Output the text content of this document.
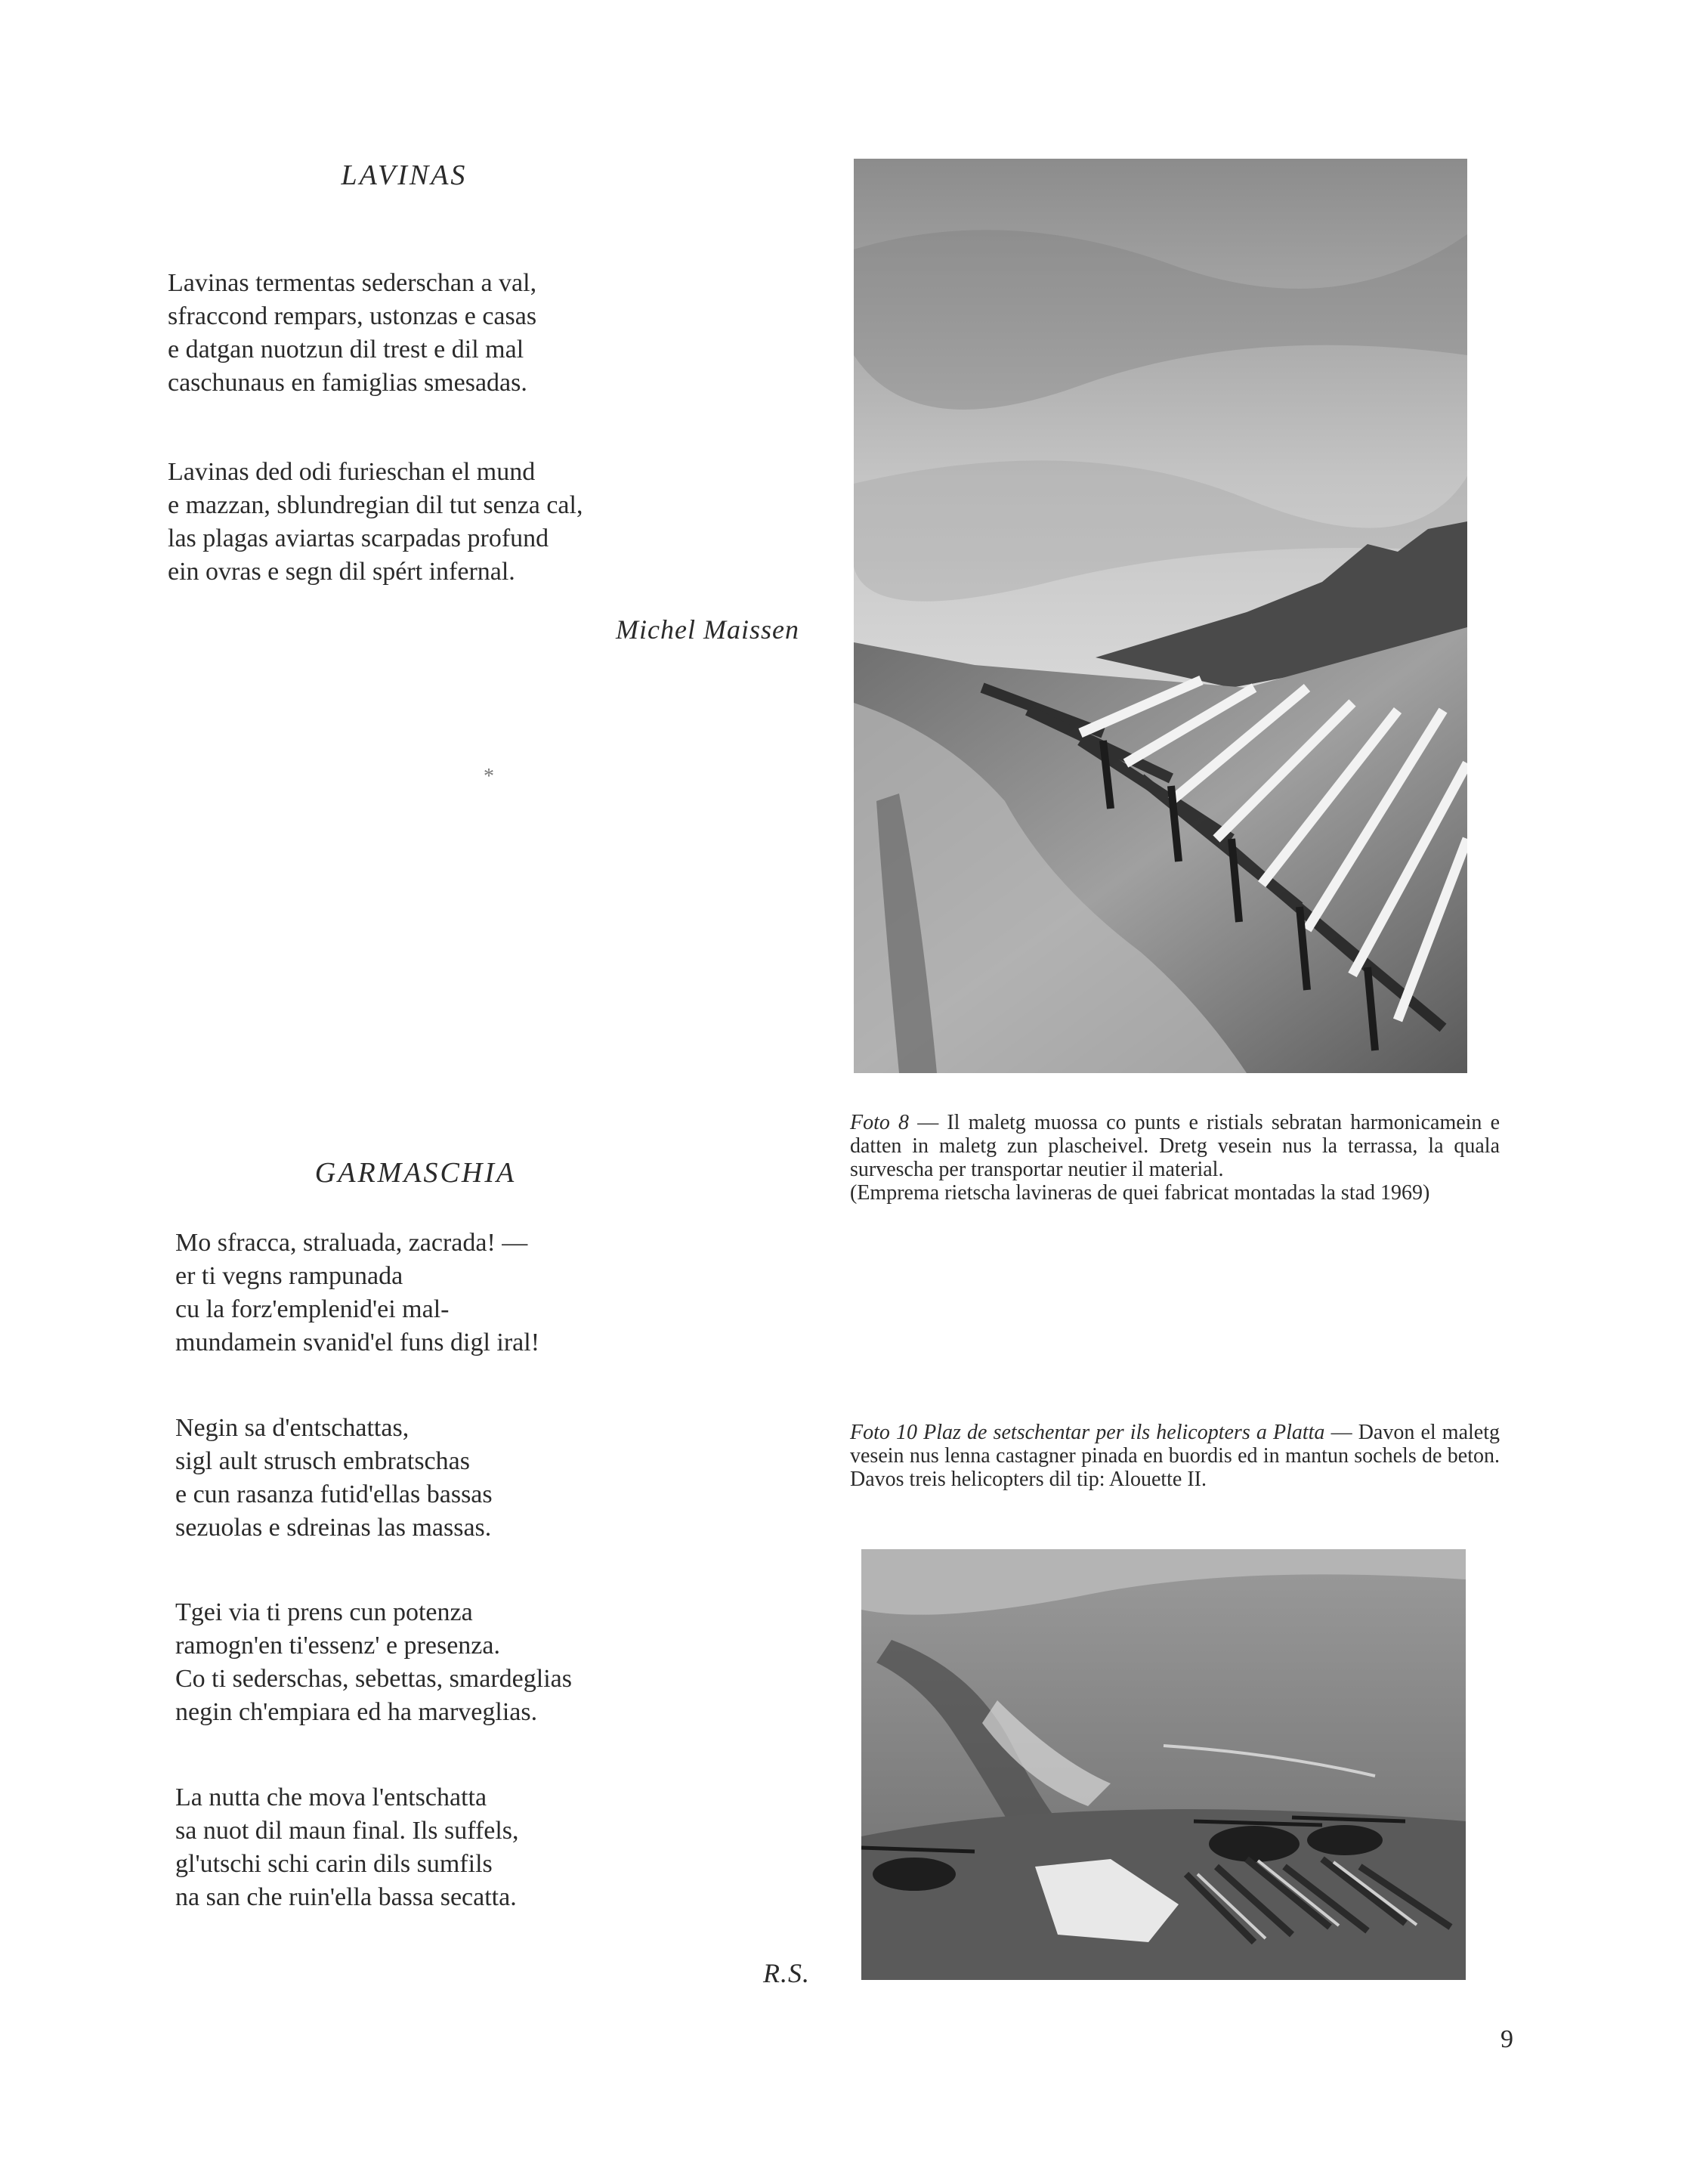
LAVINAS
Lavinas termentas sederschan a val,
sfraccond rempars, ustonzas e casas
e datgan nuotzun dil trest e dil mal
caschunaus en famiglias smesadas.
Lavinas ded odi furieschan el mund
e mazzan, sblundregian dil tut senza cal,
las plagas aviartas scarpadas profund
ein ovras e segn dil spért infernal.
Michel Maissen
*
GARMASCHIA
Mo sfracca, straluada, zacrada! —
er ti vegns rampunada
cu la forz'emplenid'ei mal-
mundamein svanid'el funs digl iral!
Negin sa d'entschattas,
sigl ault strusch embratschas
e cun rasanza futid'ellas bassas
sezuolas e sdreinas las massas.
Tgei via ti prens cun potenza
ramogn'en ti'essenz' e presenza.
Co ti sederschas, sebettas, smardeglias
negin ch'empiara ed ha marveglias.
La nutta che mova l'entschatta
sa nuot dil maun final. Ils suffels,
gl'utschi schi carin dils sumfils
na san che ruin'ella bassa secatta.
R.S.
Foto 8 — Il maletg muossa co punts e ristials sebratan harmonicamein e datten in maletg zun plascheivel. Dretg vesein nus la terrassa, la quala survescha per transportar neutier il material.
(Emprema rietscha lavineras de quei fabricat montadas la stad 1969)
Foto 10 Plaz de setschentar per ils helicopters a Platta — Davon el maletg vesein nus lenna castagner pinada en buordis ed in mantun sochels de beton. Davos treis helicopters dil tip: Alouette II.
9
